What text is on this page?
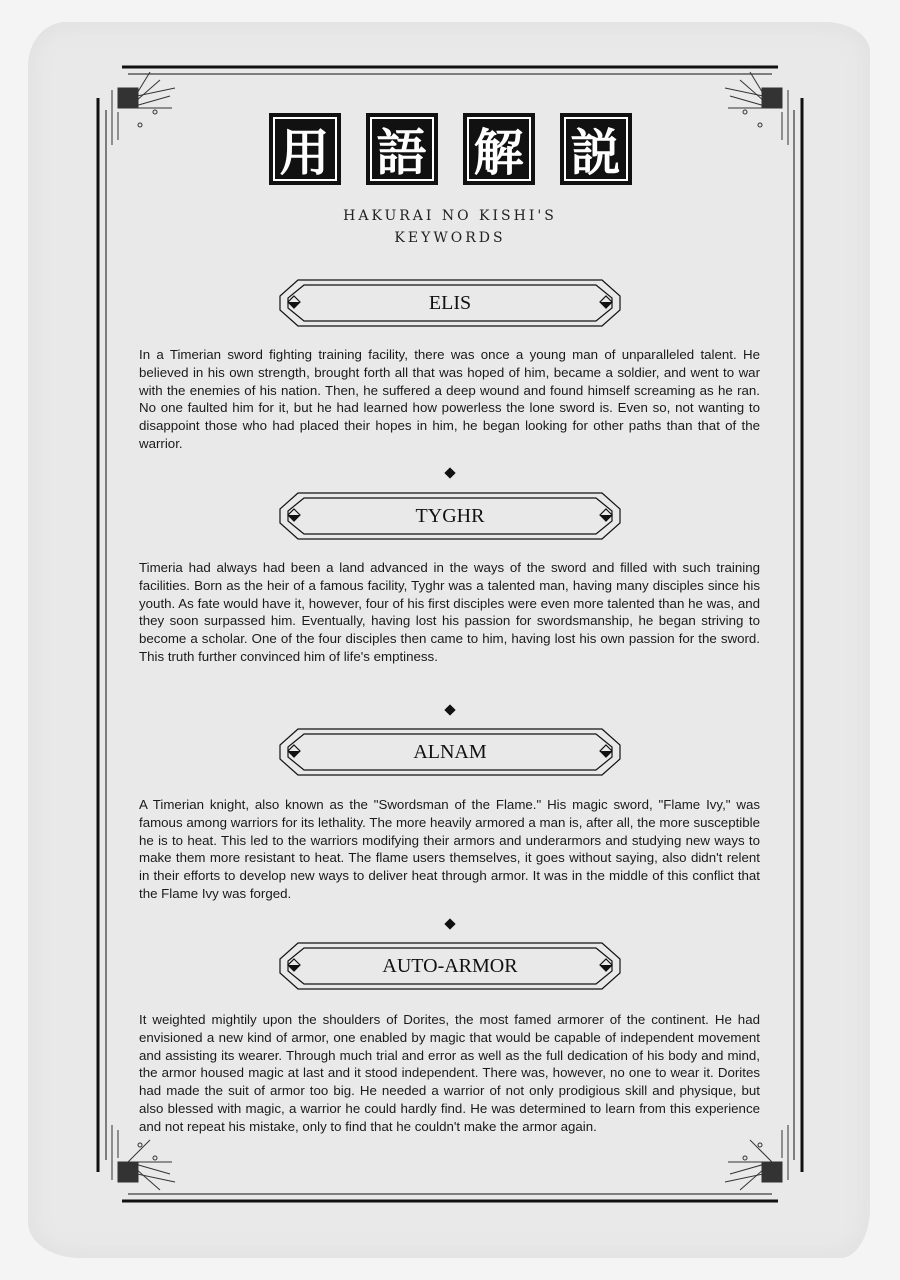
用 語 解 説
HAKURAI NO KISHI'S
KEYWORDS
ELIS

In a Timerian sword fighting training facility, there was once a young man of unparalleled talent. He believed in his own strength, brought forth all that was hoped of him, became a soldier, and went to war with the enemies of his nation. Then, he suffered a deep wound and found himself screaming as he ran. No one faulted him for it, but he had learned how powerless the lone sword is. Even so, not wanting to disappoint those who had placed their hopes in him, he began looking for other paths than that of the warrior.

TYGHR

Timeria had always had been a land advanced in the ways of the sword and filled with such training facilities. Born as the heir of a famous facility, Tyghr was a talented man, having many disciples since his youth. As fate would have it, however, four of his first disciples were even more talented than he was, and they soon surpassed him. Eventually, having lost his passion for swordsmanship, he began striving to become a scholar. One of the four disciples then came to him, having lost his own passion for the sword. This truth further convinced him of life's emptiness.

ALNAM

A Timerian knight, also known as the "Swordsman of the Flame." His magic sword, "Flame Ivy," was famous among warriors for its lethality. The more heavily armored a man is, after all, the more susceptible he is to heat. This led to the warriors modifying their armors and underarmors and studying new ways to make them more resistant to heat. The flame users themselves, it goes without saying, also didn't relent in their efforts to develop new ways to deliver heat through armor. It was in the middle of this conflict that the Flame Ivy was forged.

AUTO-ARMOR

It weighted mightily upon the shoulders of Dorites, the most famed armorer of the continent. He had envisioned a new kind of armor, one enabled by magic that would be capable of independent movement and assisting its wearer. Through much trial and error as well as the full dedication of his body and mind, the armor housed magic at last and it stood independent. There was, however, no one to wear it. Dorites had made the suit of armor too big. He needed a warrior of not only prodigious skill and physique, but also blessed with magic, a warrior he could hardly find. He was determined to learn from this experience and not repeat his mistake, only to find that he couldn't make the armor again.
